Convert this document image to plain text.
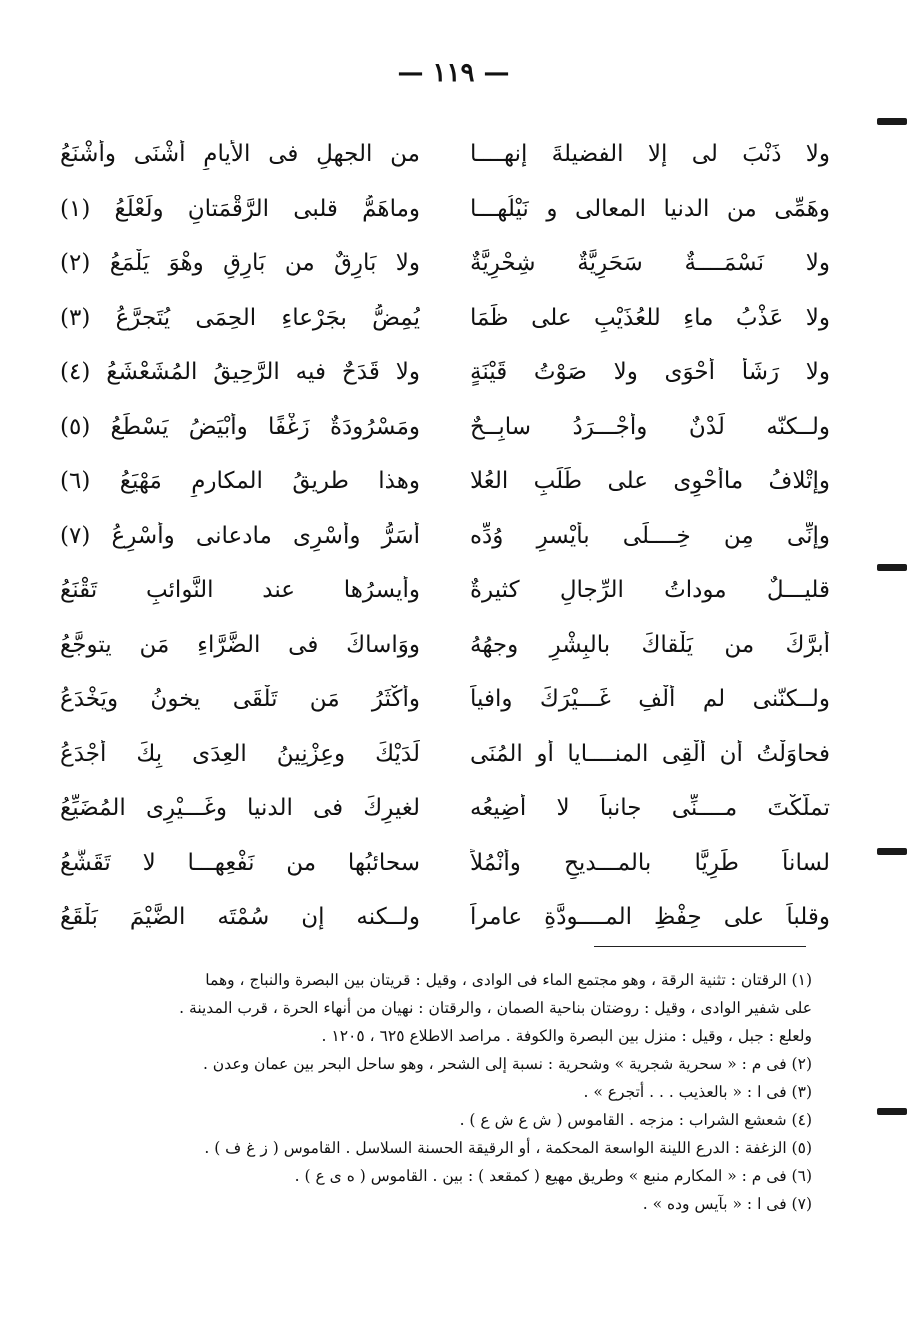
— ١١٩ —
ولا ذَنْبَ لى إلا الفضيلةَ إنهــــا
من الجهلِ فى الأيامِ أشْنَى وأشْنَعُ
وهَمِّى من الدنيا المعالى و نَيْلُهـــا
وماهَمُّ قلبى الرَّقْمَتانِ ولَعْلَعُ (١)
ولا نَسْمَــــةٌ سَحَرِيَّةٌ شِحْرِيَّةٌ
ولا بَارِقٌ من بَارِقٍ وهْوَ يَلْمَعُ (٢)
ولا عَذْبُ ماءِ للعُذَيْبِ على ظَمَا
يُمِضُّ بجَرْعاءِ الحِمَى يُتَجرَّعُ (٣)
ولا رَشَأٌ أحْوَى ولا صَوْتُ قَيْنَةٍ
ولا قَدَحٌ فيه الرَّحِيقُ المُشَعْشَعُ (٤)
ولــكنّه لَدْنٌ وأجْـــرَدُ سابِــحٌ
ومَسْرُودَةٌ زَغْفًا وأبْيَضُ يَسْطَعُ (٥)
وإتْلافُ ماأحْوِى على طَلَبِ العُلا
وهذا طريقُ المكارمِ مَهْيَعُ (٦)
وإنِّى مِن خِــــلِّى بأيْسرِ وُدِّه
أَسَرُّ وأسْرِى مادعانى وأسْرِعُ (٧)
قليـــلٌ موداتُ الرِّجالِ كثيرةٌ
وأيسرُها عند النَّوائبِ تَقْنَعُ
أبرَّكَ من يَلْقاكَ بالبِشْرِ وجهُهُ
ووَاساكَ فى الضَّرَّاءِ مَن يتوجَّعُ
ولــكنّنى لم أُلْفِ غَـــيْرَكَ وافياً
وأكْثَرُ مَن تَلْقَى يخونُ ويَخْدَعُ
فحاوَلْتُ أن أُلْقِى المنــــايا أو المُنَى
لَدَيْكَ وعِزْنِينُ العِدَى بِكَ أجْدَعُ
تملَّكْتَ مــــنِّى جانباً لا أُضِيعُه
لغيرِكَ فى الدنيا وغَـــيْرِى المُضَيِّعُ
لساناً طَرِيًّا بالمـــديحِ وأَنْمُلاً
سحائبُها من نَفْعِهـــا لا تَقَشَّعُ
وقلباً على حِفْظِ المــــودَّةِ عامراً
ولــكنه إن سُمْتَه الضَّيْمَ بَلْقَعُ
(١) الرقتان : تثنية الرقة ، وهو مجتمع الماء فى الوادى ، وقيل : قريتان بين البصرة والنباج ، وهما
على شفير الوادى ، وقيل : روضتان بناحية الصمان ، والرقتان : نهيان من أنهاء الحرة ، قرب المدينة .
ولعلع : جبل ، وقيل : منزل بين البصرة والكوفة . مراصد الاطلاع ٦٢٥ ، ١٢٠٥ .
(٢) فى م : « سحرية شجرية » وشحرية : نسبة إلى الشحر ، وهو ساحل البحر بين عمان وعدن .
(٣) فى ا : « بالعذيب . . . أتجرع » .
(٤) شعشع الشراب : مزجه . القاموس ( ش ع ش ع ) .
(٥) الزغفة : الدرع اللينة الواسعة المحكمة ، أو الرقيقة الحسنة السلاسل . القاموس ( ز غ ف ) .
(٦) فى م : « المكارم منبع » وطريق مهيع ( كمقعد ) : بين . القاموس ( ه ى ع ) .
(٧) فى ا : « بآيس وده » .
